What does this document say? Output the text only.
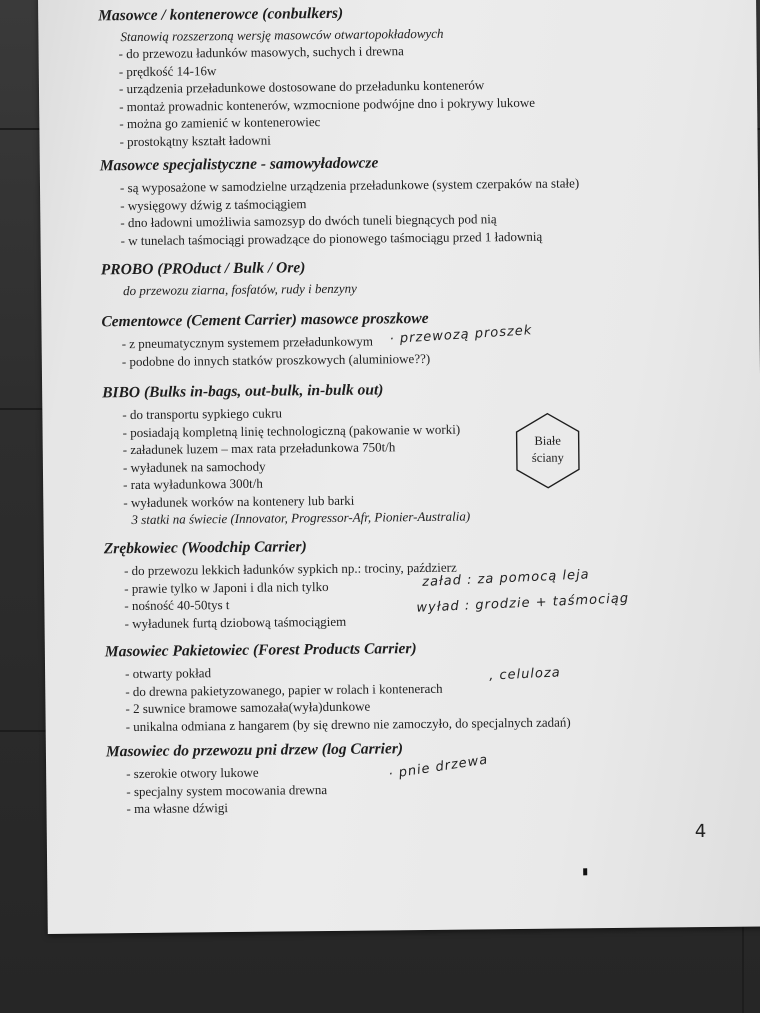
Masowce / kontenerowce (conbulkers)
Stanowią rozszerzoną wersję masowców otwartopokładowych
- do przewozu ładunków masowych, suchych i drewna
- prędkość 14-16w
- urządzenia przeładunkowe dostosowane do przeładunku kontenerów
- montaż prowadnic kontenerów, wzmocnione podwójne dno i pokrywy lukowe
- można go zamienić w kontenerowiec
- prostokątny kształt ładowni
Masowce specjalistyczne - samowyładowcze
- są wyposażone w samodzielne urządzenia przeładunkowe (system czerpaków na stałe)
- wysięgowy dźwig z taśmociągiem
- dno ładowni umożliwia samozsyp do dwóch tuneli biegnących pod nią
- w tunelach taśmociągi prowadzące do pionowego taśmociągu przed 1 ładownią
PROBO (PROduct / Bulk / Ore)
do przewozu ziarna, fosfatów, rudy i benzyny
Cementowce (Cement Carrier) masowce proszkowe
- z pneumatycznym systemem przeładunkowym
- podobne do innych statków proszkowych (aluminiowe??)
BIBO (Bulks in-bags, out-bulk, in-bulk out)
- do transportu sypkiego cukru
- posiadają kompletną linię technologiczną (pakowanie w worki)
- załadunek luzem – max rata przeładunkowa 750t/h
- wyładunek na samochody
- rata wyładunkowa 300t/h
- wyładunek worków na kontenery lub barki
3 statki na świecie (Innovator, Progressor-Afr, Pionier-Australia)
Zrębkowiec (Woodchip Carrier)
- do przewozu lekkich ładunków sypkich np.: trociny, paździerz
- prawie tylko w Japoni i dla nich tylko
- nośność 40-50tys t
- wyładunek furtą dziobową taśmociągiem
Masowiec Pakietowiec (Forest Products Carrier)
- otwarty pokład
- do drewna pakietyzowanego, papier w rolach i kontenerach
- 2 suwnice bramowe samozała(wyła)dunkowe
- unikalna odmiana z hangarem (by się drewno nie zamoczyło, do specjalnych zadań)
Masowiec do przewozu pni drzew (log Carrier)
- szerokie otwory lukowe
- specjalny system mocowania drewna
- ma własne dźwigi
Białe
ściany
· przewozą proszek
załad : za pomocą leja
wyład : grodzie + taśmociąg
, celuloza
· pnie drzewa
4
